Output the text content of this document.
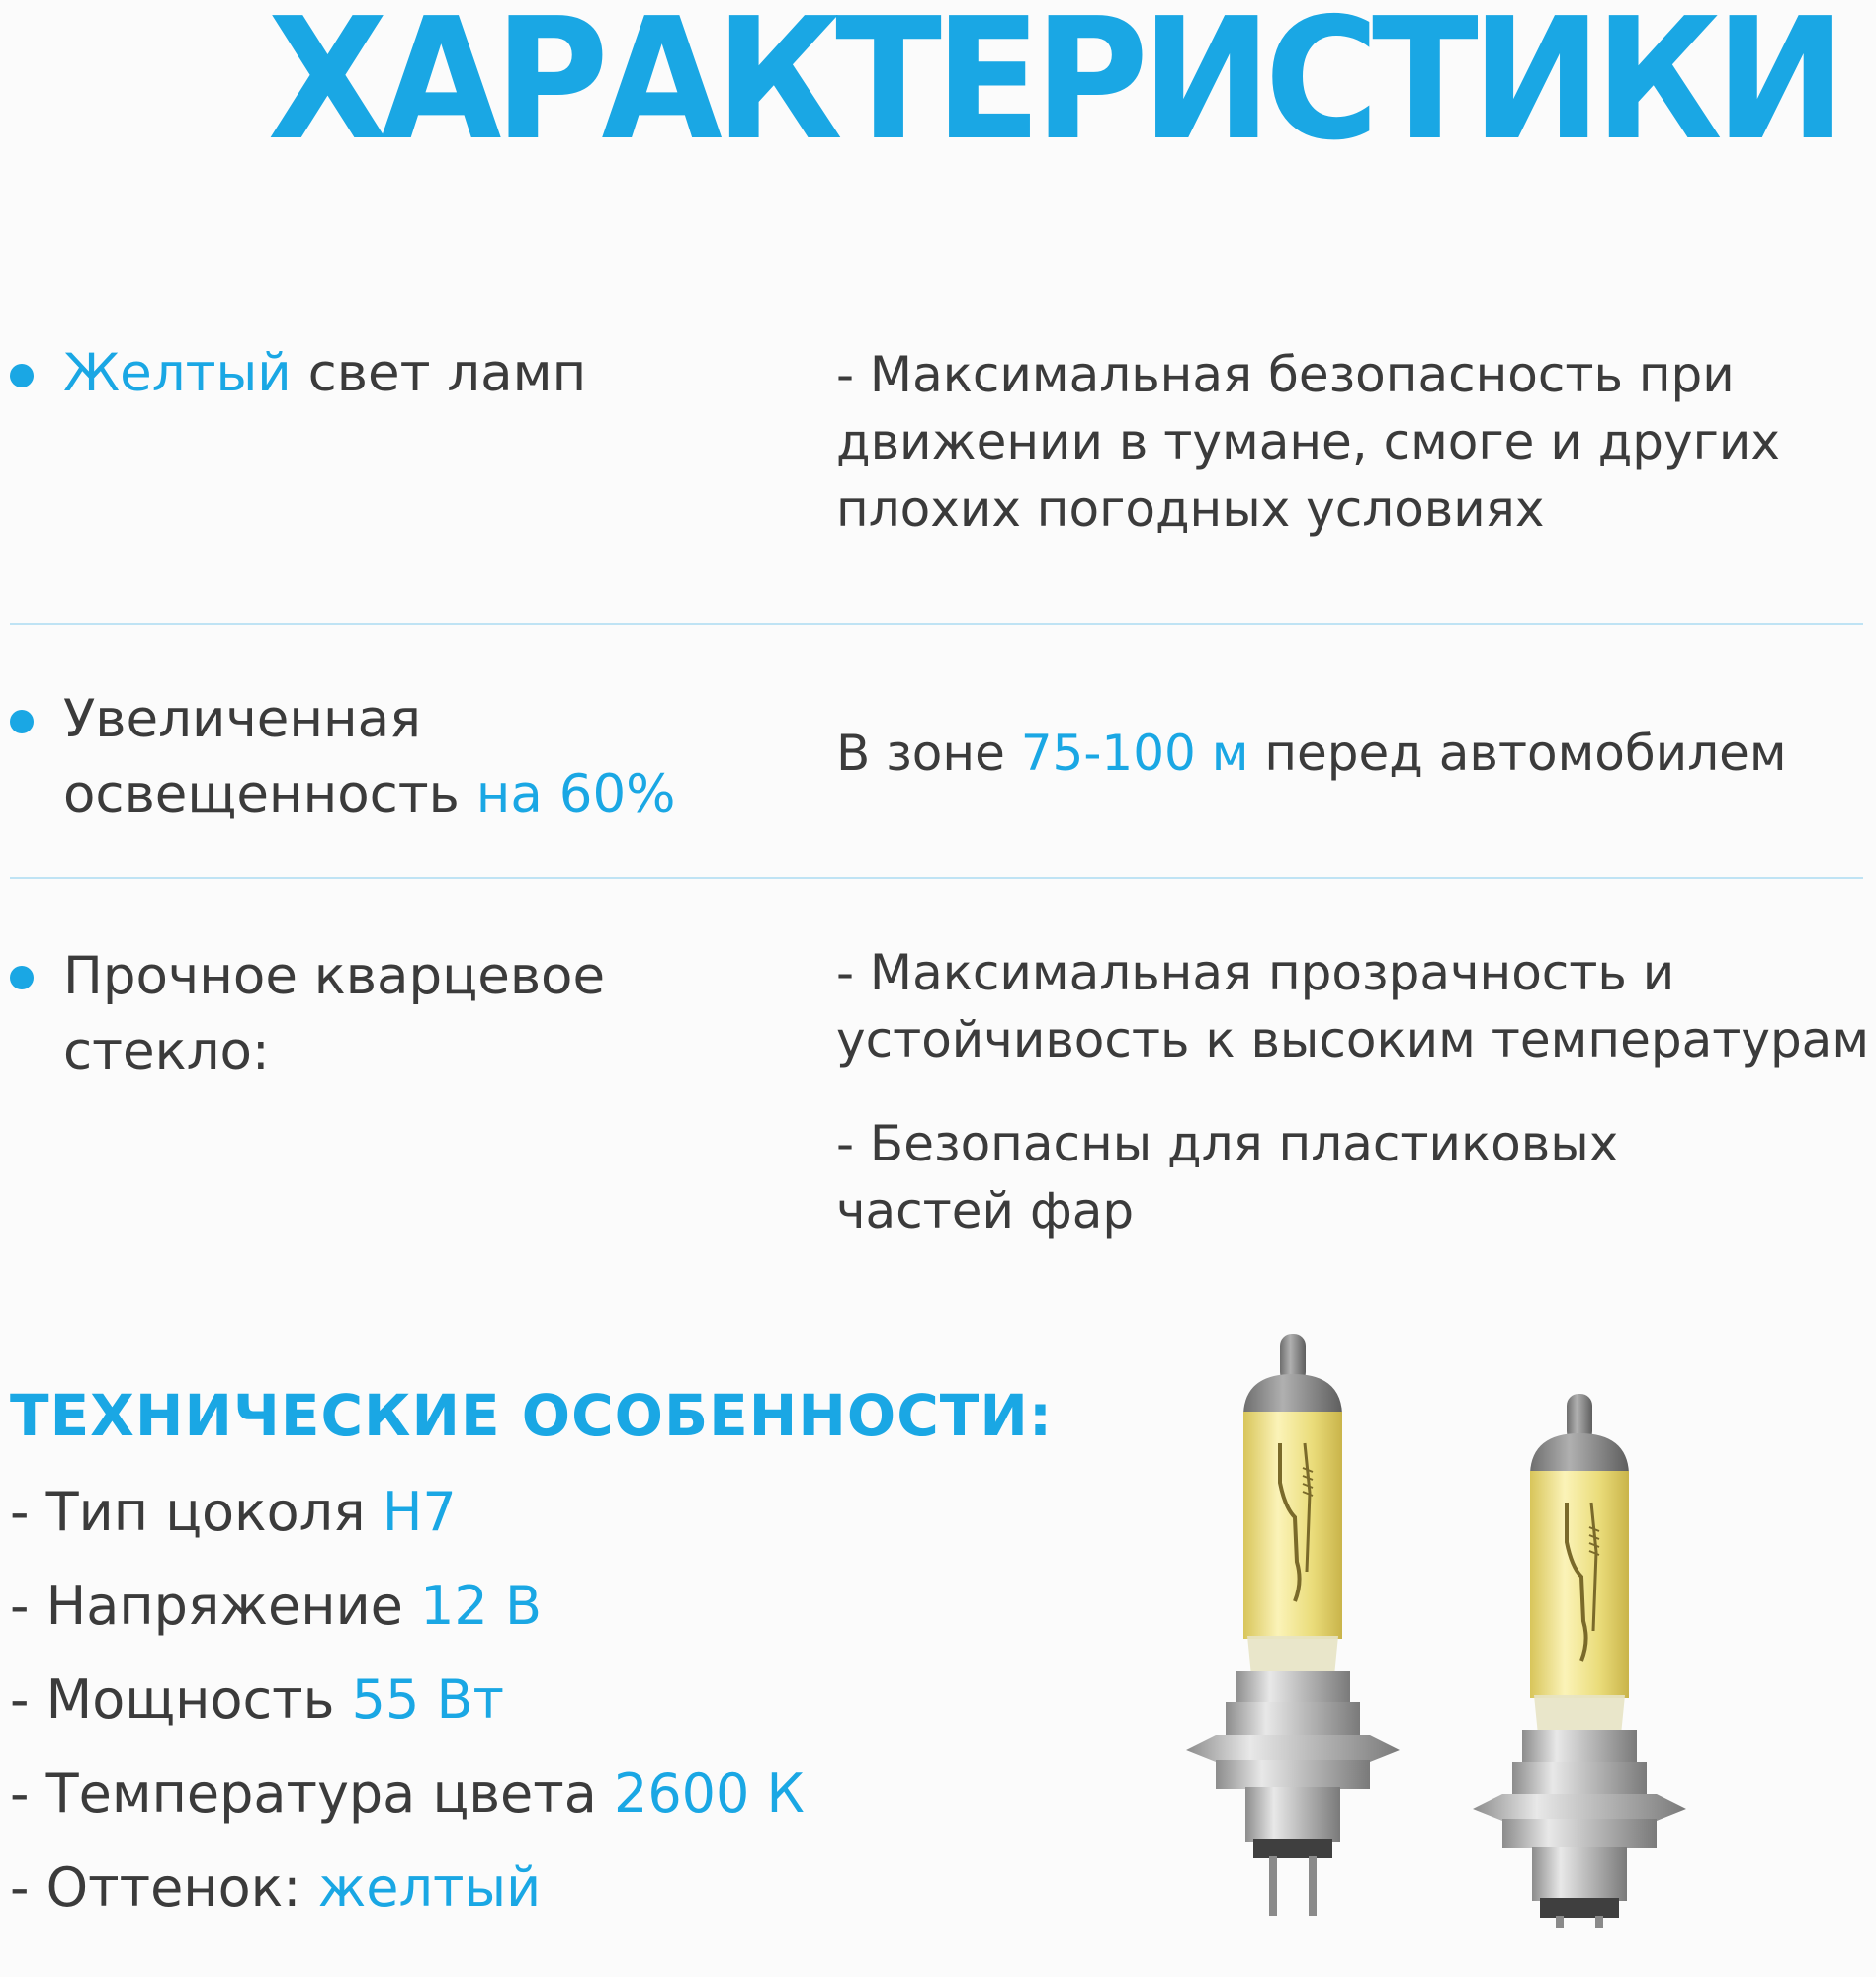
ХАРАКТЕРИСТИКИ
Желтый свет ламп	- Максимальная безопасность при
движении в тумане, смоге и других
плохих погодных условиях
Увеличенная
освещенность на 60%
В зоне 75-100 м перед автомобилем
Прочное кварцевое
стекло:
- Максимальная прозрачность и
устойчивость к высоким температурам
- Безопасны для пластиковых
частей фар
ТЕХНИЧЕСКИЕ ОСОБЕННОСТИ:
- Тип цоколя H7
- Напряжение 12 В
- Мощность 55 Вт
- Температура цвета 2600 К
- Оттенок: желтый
